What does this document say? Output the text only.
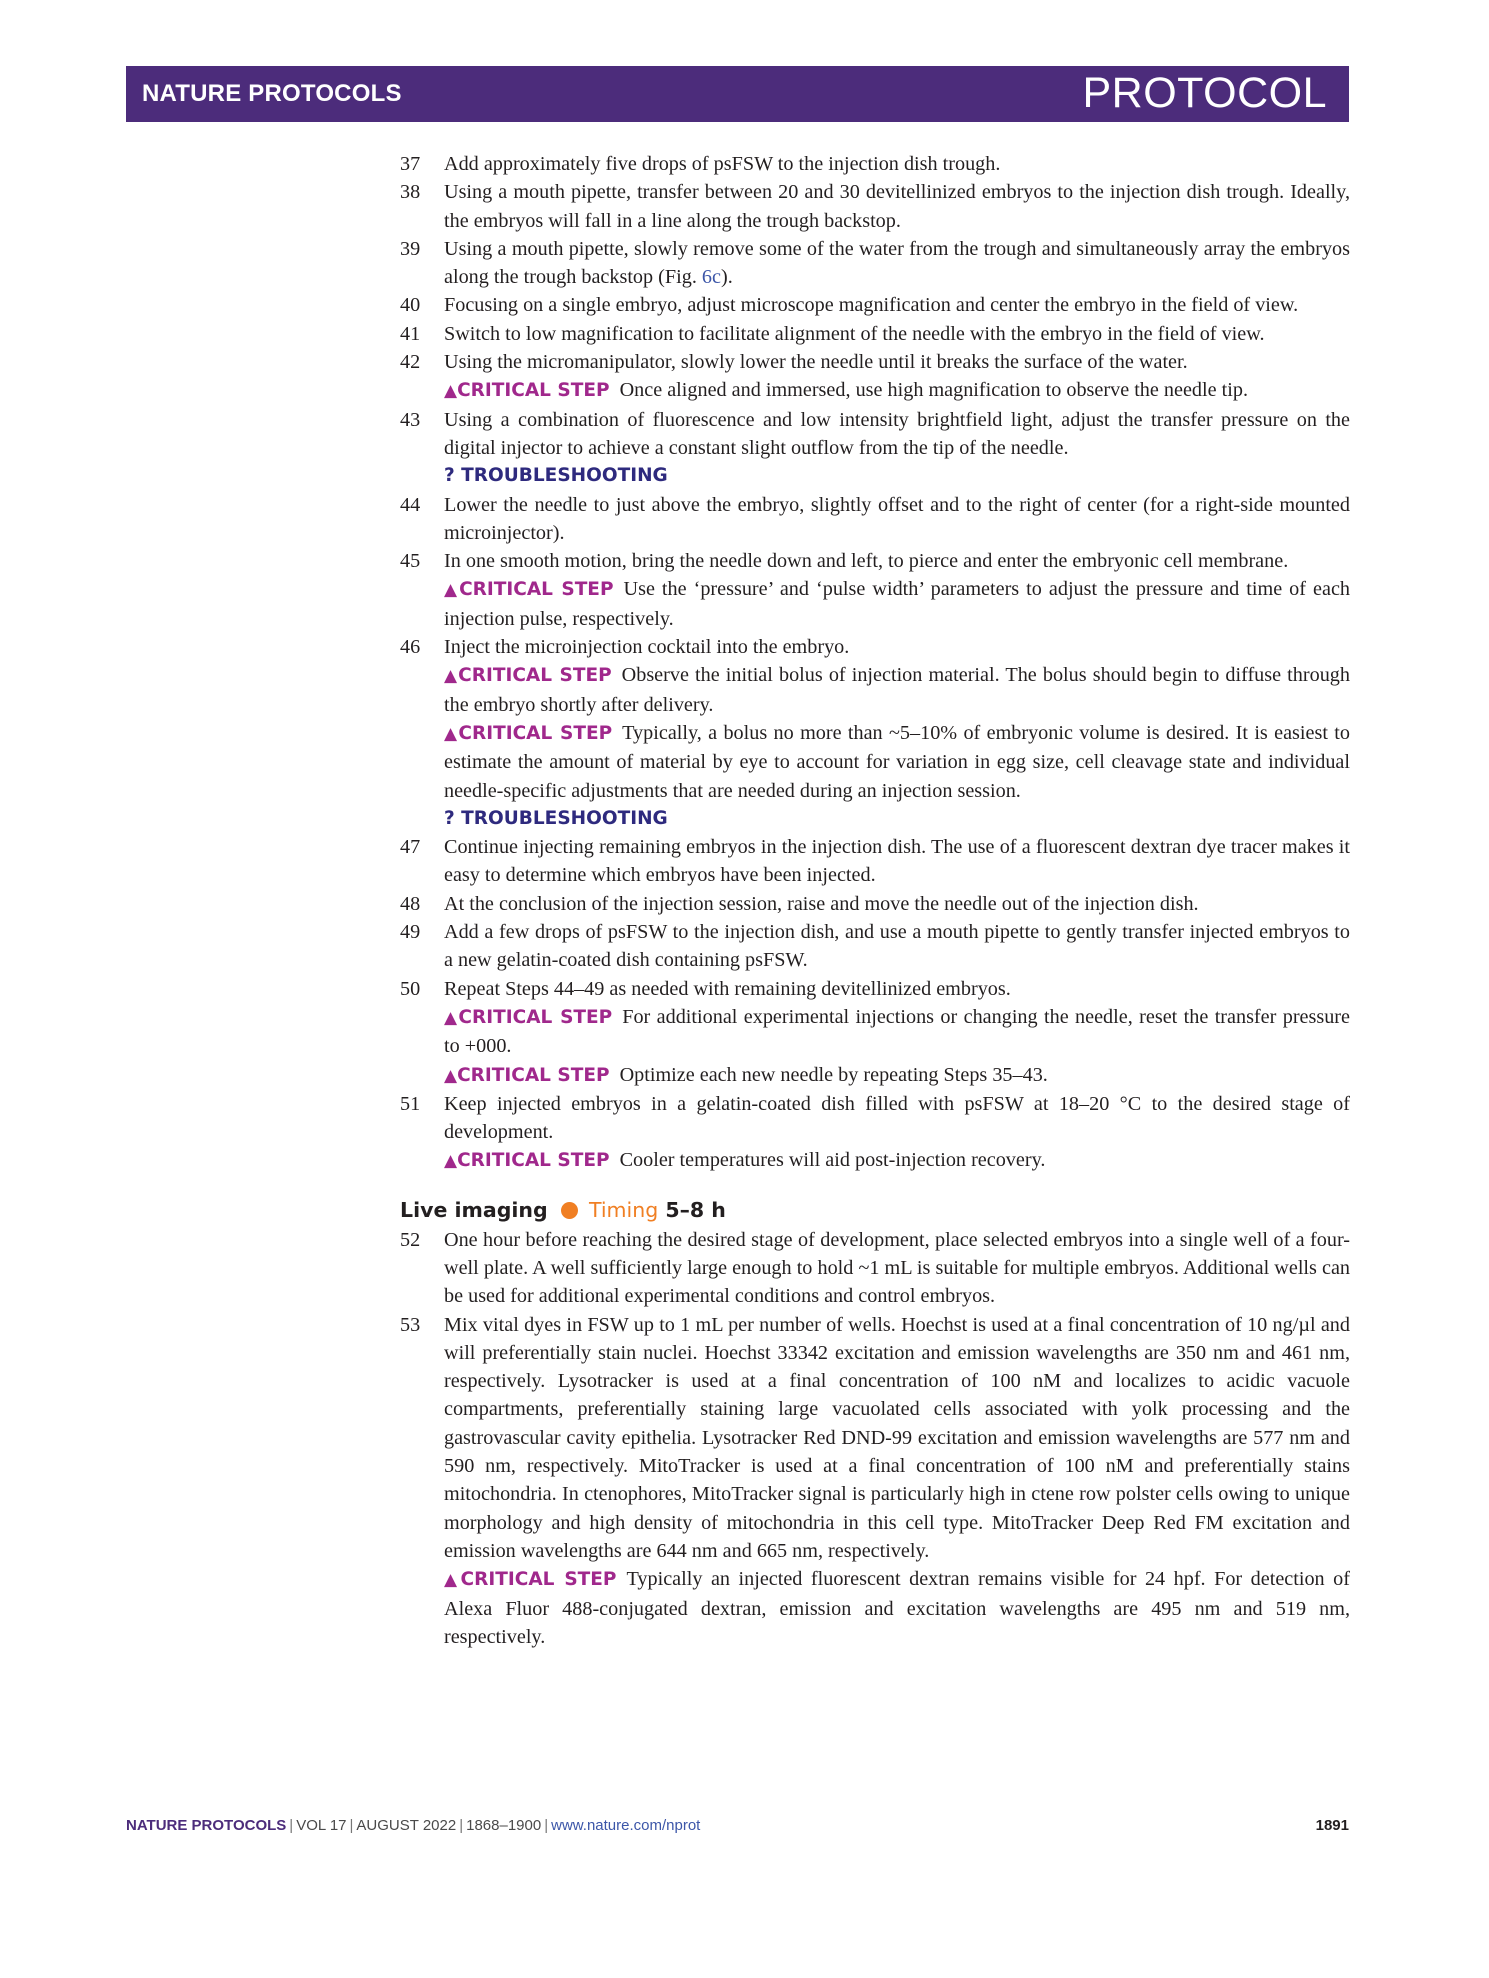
NATURE PROTOCOLS	PROTOCOL
37 Add approximately five drops of psFSW to the injection dish trough.
38 Using a mouth pipette, transfer between 20 and 30 devitellinized embryos to the injection dish trough. Ideally, the embryos will fall in a line along the trough backstop.
39 Using a mouth pipette, slowly remove some of the water from the trough and simultaneously array the embryos along the trough backstop (Fig. 6c).
40 Focusing on a single embryo, adjust microscope magnification and center the embryo in the field of view.
41 Switch to low magnification to facilitate alignment of the needle with the embryo in the field of view.
42 Using the micromanipulator, slowly lower the needle until it breaks the surface of the water.
▲CRITICAL STEP Once aligned and immersed, use high magnification to observe the needle tip.
43 Using a combination of fluorescence and low intensity brightfield light, adjust the transfer pressure on the digital injector to achieve a constant slight outflow from the tip of the needle.
? TROUBLESHOOTING
44 Lower the needle to just above the embryo, slightly offset and to the right of center (for a right-side mounted microinjector).
45 In one smooth motion, bring the needle down and left, to pierce and enter the embryonic cell membrane.
▲CRITICAL STEP Use the ‘pressure’ and ‘pulse width’ parameters to adjust the pressure and time of each injection pulse, respectively.
46 Inject the microinjection cocktail into the embryo.
▲CRITICAL STEP Observe the initial bolus of injection material. The bolus should begin to diffuse through the embryo shortly after delivery.
▲CRITICAL STEP Typically, a bolus no more than ~5–10% of embryonic volume is desired. It is easiest to estimate the amount of material by eye to account for variation in egg size, cell cleavage state and individual needle-specific adjustments that are needed during an injection session.
? TROUBLESHOOTING
47 Continue injecting remaining embryos in the injection dish. The use of a fluorescent dextran dye tracer makes it easy to determine which embryos have been injected.
48 At the conclusion of the injection session, raise and move the needle out of the injection dish.
49 Add a few drops of psFSW to the injection dish, and use a mouth pipette to gently transfer injected embryos to a new gelatin-coated dish containing psFSW.
50 Repeat Steps 44–49 as needed with remaining devitellinized embryos.
▲CRITICAL STEP For additional experimental injections or changing the needle, reset the transfer pressure to +000.
▲CRITICAL STEP Optimize each new needle by repeating Steps 35–43.
51 Keep injected embryos in a gelatin-coated dish filled with psFSW at 18–20 °C to the desired stage of development.
▲CRITICAL STEP Cooler temperatures will aid post-injection recovery.
Live imaging Timing 5–8 h
52 One hour before reaching the desired stage of development, place selected embryos into a single well of a four-well plate. A well sufficiently large enough to hold ~1 mL is suitable for multiple embryos. Additional wells can be used for additional experimental conditions and control embryos.
53 Mix vital dyes in FSW up to 1 mL per number of wells. Hoechst is used at a final concentration of 10 ng/µl and will preferentially stain nuclei. Hoechst 33342 excitation and emission wavelengths are 350 nm and 461 nm, respectively. Lysotracker is used at a final concentration of 100 nM and localizes to acidic vacuole compartments, preferentially staining large vacuolated cells associated with yolk processing and the gastrovascular cavity epithelia. Lysotracker Red DND-99 excitation and emission wavelengths are 577 nm and 590 nm, respectively. MitoTracker is used at a final concentration of 100 nM and preferentially stains mitochondria. In ctenophores, MitoTracker signal is particularly high in ctene row polster cells owing to unique morphology and high density of mitochondria in this cell type. MitoTracker Deep Red FM excitation and emission wavelengths are 644 nm and 665 nm, respectively.
▲CRITICAL STEP Typically an injected fluorescent dextran remains visible for 24 hpf. For detection of Alexa Fluor 488-conjugated dextran, emission and excitation wavelengths are 495 nm and 519 nm, respectively.
NATURE PROTOCOLS | VOL 17 | AUGUST 2022 | 1868–1900 | www.nature.com/nprot	1891
